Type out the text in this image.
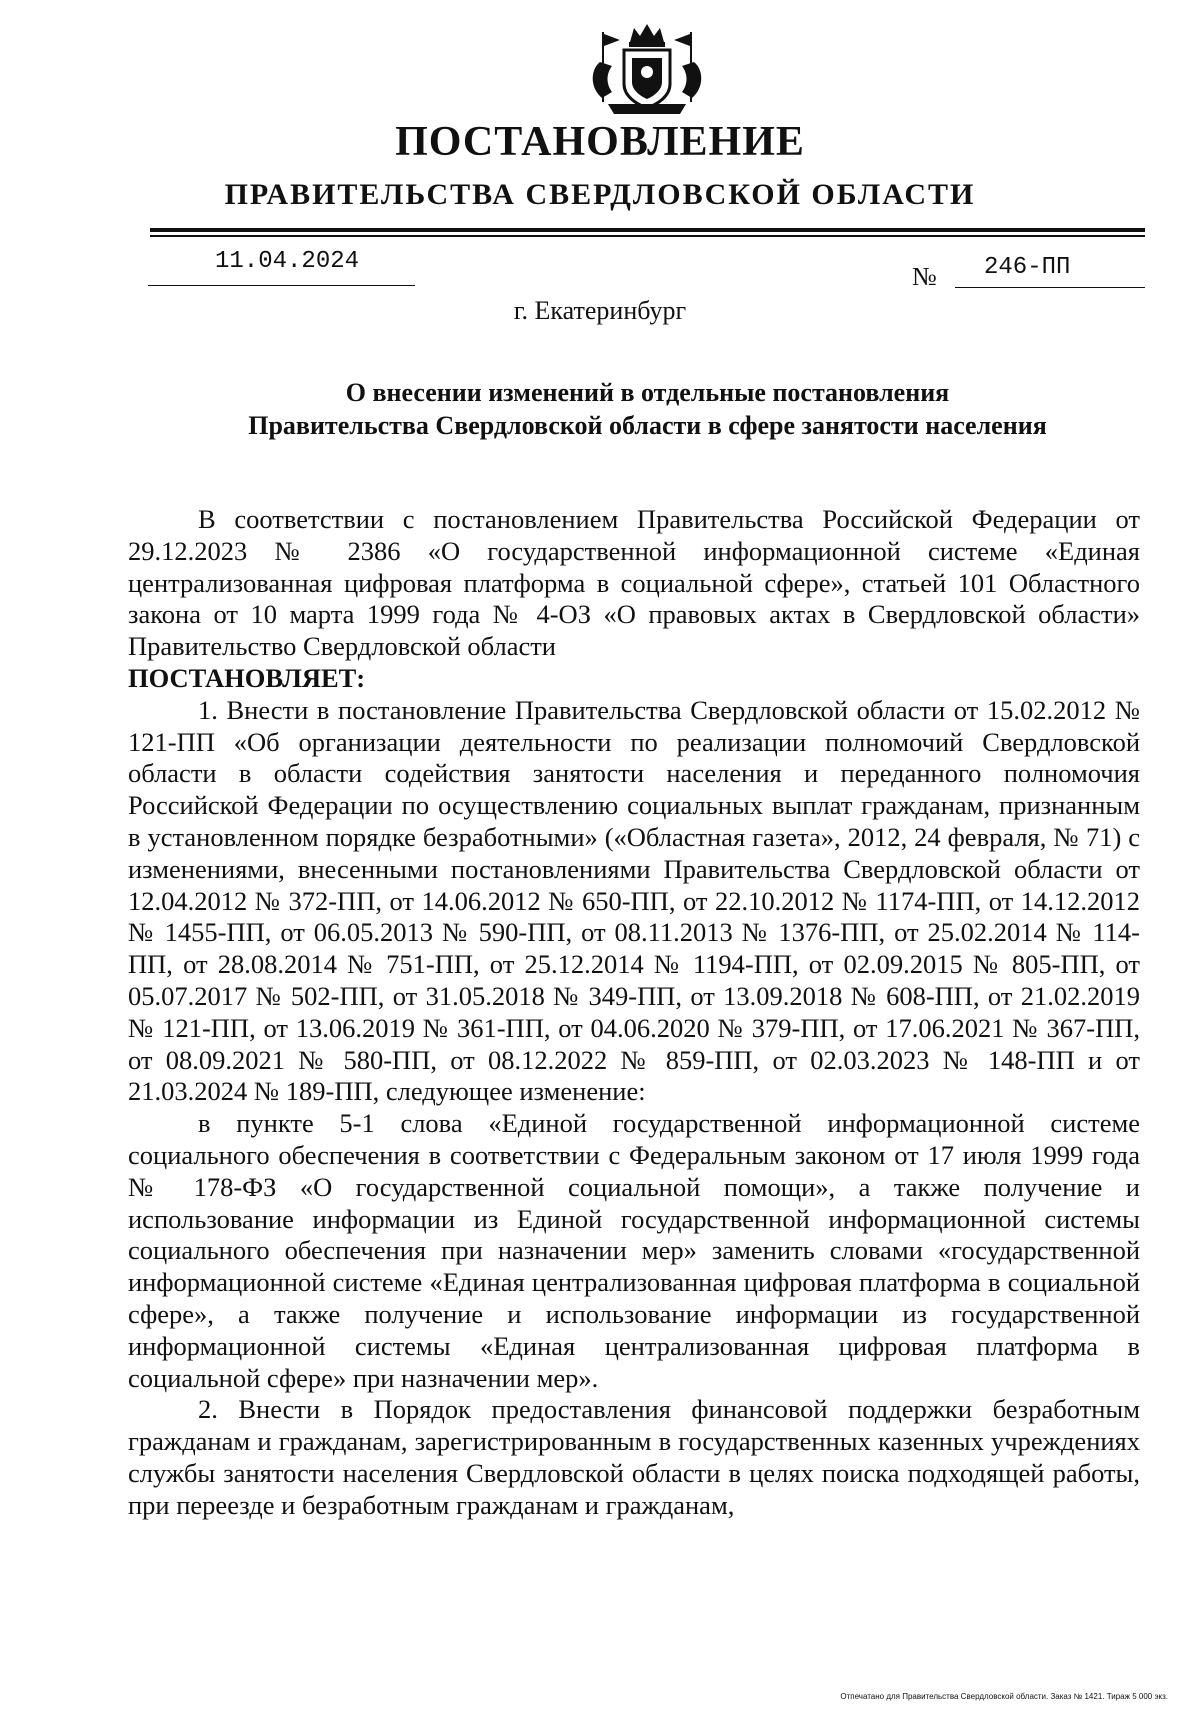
ПОСТАНОВЛЕНИЕ
ПРАВИТЕЛЬСТВА СВЕРДЛОВСКОЙ ОБЛАСТИ
11.04.2024
№ 246-ПП
г. Екатеринбург
О внесении изменений в отдельные постановления
Правительства Свердловской области в сфере занятости населения

В соответствии с постановлением Правительства Российской Федерации от 29.12.2023 № 2386 «О государственной информационной системе «Единая централизованная цифровая платформа в социальной сфере», статьей 101 Областного закона от 10 марта 1999 года № 4-ОЗ «О правовых актах в Свердловской области» Правительство Свердловской области

ПОСТАНОВЛЯЕТ:

1. Внести в постановление Правительства Свердловской области от 15.02.2012 № 121-ПП «Об организации деятельности по реализации полномочий Свердловской области в области содействия занятости населения и переданного полномочия Российской Федерации по осуществлению социальных выплат гражданам, признанным в установленном порядке безработными» («Областная газета», 2012, 24 февраля, № 71) с изменениями, внесенными постановлениями Правительства Свердловской области от 12.04.2012 № 372-ПП, от 14.06.2012 № 650-ПП, от 22.10.2012 № 1174-ПП, от 14.12.2012 № 1455-ПП, от 06.05.2013 № 590-ПП, от 08.11.2013 № 1376-ПП, от 25.02.2014 № 114-ПП, от 28.08.2014 № 751-ПП, от 25.12.2014 № 1194-ПП, от 02.09.2015 № 805-ПП, от 05.07.2017 № 502-ПП, от 31.05.2018 № 349-ПП, от 13.09.2018 № 608-ПП, от 21.02.2019 № 121-ПП, от 13.06.2019 № 361-ПП, от 04.06.2020 № 379-ПП, от 17.06.2021 № 367-ПП, от 08.09.2021 № 580-ПП, от 08.12.2022 № 859-ПП, от 02.03.2023 № 148-ПП и от 21.03.2024 № 189-ПП, следующее изменение:

в пункте 5-1 слова «Единой государственной информационной системе социального обеспечения в соответствии с Федеральным законом от 17 июля 1999 года № 178-ФЗ «О государственной социальной помощи», а также получение и использование информации из Единой государственной информационной системы социального обеспечения при назначении мер» заменить словами «государственной информационной системе «Единая централизованная цифровая платформа в социальной сфере», а также получение и использование информации из государственной информационной системы «Единая централизованная цифровая платформа в социальной сфере» при назначении мер».

2. Внести в Порядок предоставления финансовой поддержки безработным гражданам и гражданам, зарегистрированным в государственных казенных учреждениях службы занятости населения Свердловской области в целях поиска подходящей работы, при переезде и безработным гражданам и гражданам,

Отпечатано для Правительства Свердловской области. Заказ № 1421. Тираж 5 000 экз.
